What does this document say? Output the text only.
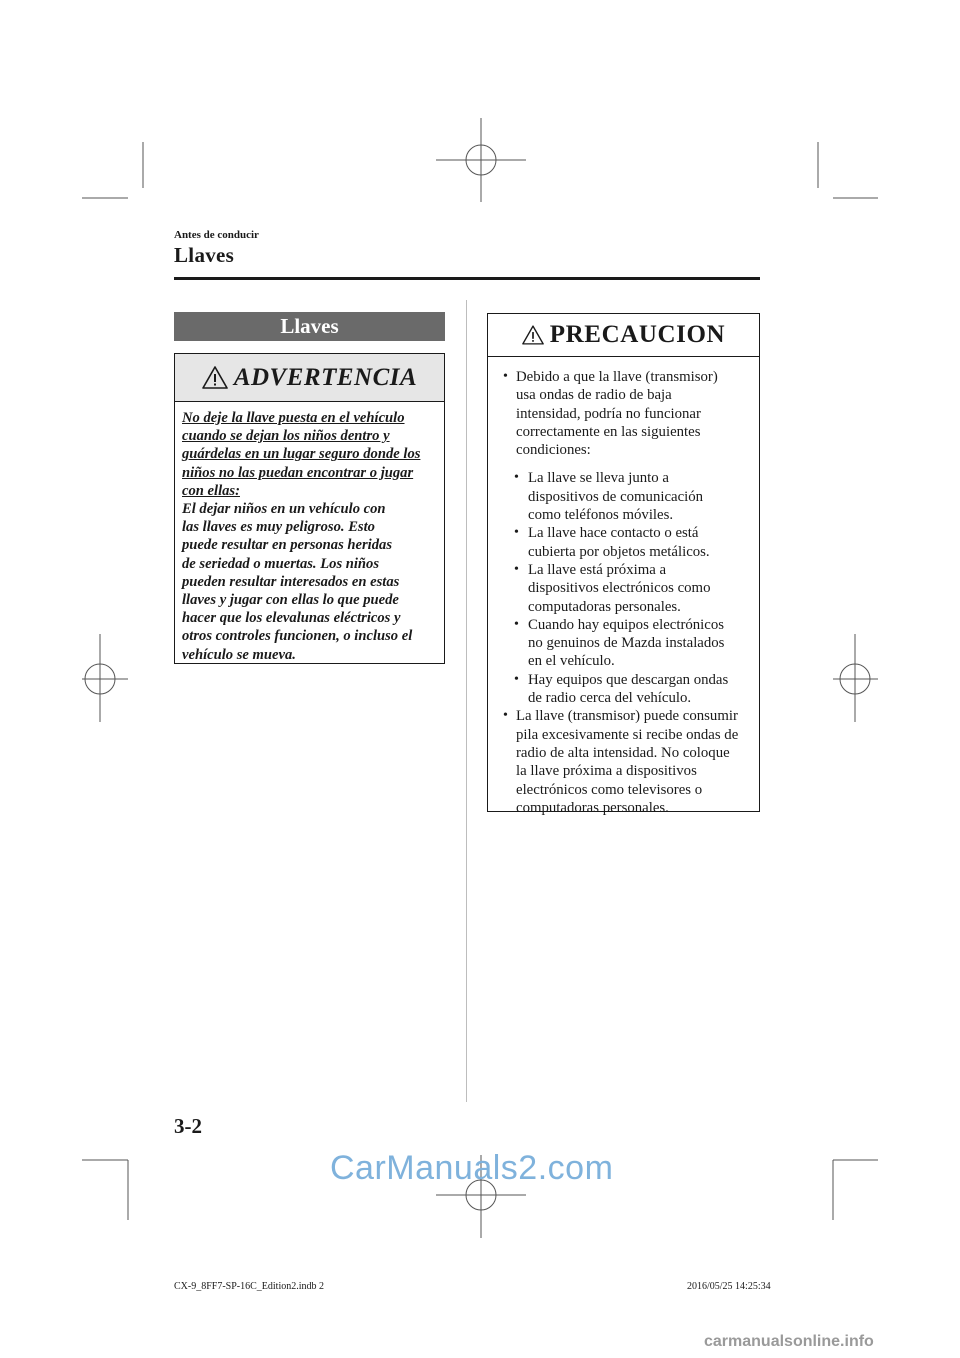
Antes de conducir
Llaves
Llaves
ADVERTENCIA
No deje la llave puesta en el vehículo
cuando se dejan los niños dentro y
guárdelas en un lugar seguro donde los
niños no las puedan encontrar o jugar
con ellas:
El dejar niños en un vehículo con
las llaves es muy peligroso. Esto
puede resultar en personas heridas
de seriedad o muertas. Los niños
pueden resultar interesados en estas
llaves y jugar con ellas lo que puede
hacer que los elevalunas eléctricos y
otros controles funcionen, o incluso el
vehículo se mueva.
PRECAUCION
• Debido a que la llave (transmisor)
usa ondas de radio de baja
intensidad, podría no funcionar
correctamente en las siguientes
condiciones:
• La llave se lleva junto a
dispositivos de comunicación
como teléfonos móviles.
• La llave hace contacto o está
cubierta por objetos metálicos.
• La llave está próxima a
dispositivos electrónicos como
computadoras personales.
• Cuando hay equipos electrónicos
no genuinos de Mazda instalados
en el vehículo.
• Hay equipos que descargan ondas
de radio cerca del vehículo.
• La llave (transmisor) puede consumir
pila excesivamente si recibe ondas de
radio de alta intensidad. No coloque
la llave próxima a dispositivos
electrónicos como televisores o
computadoras personales.
3-2
CarManuals2.com
CX-9_8FF7-SP-16C_Edition2.indb 2	2016/05/25 14:25:34
carmanualsonline.info
